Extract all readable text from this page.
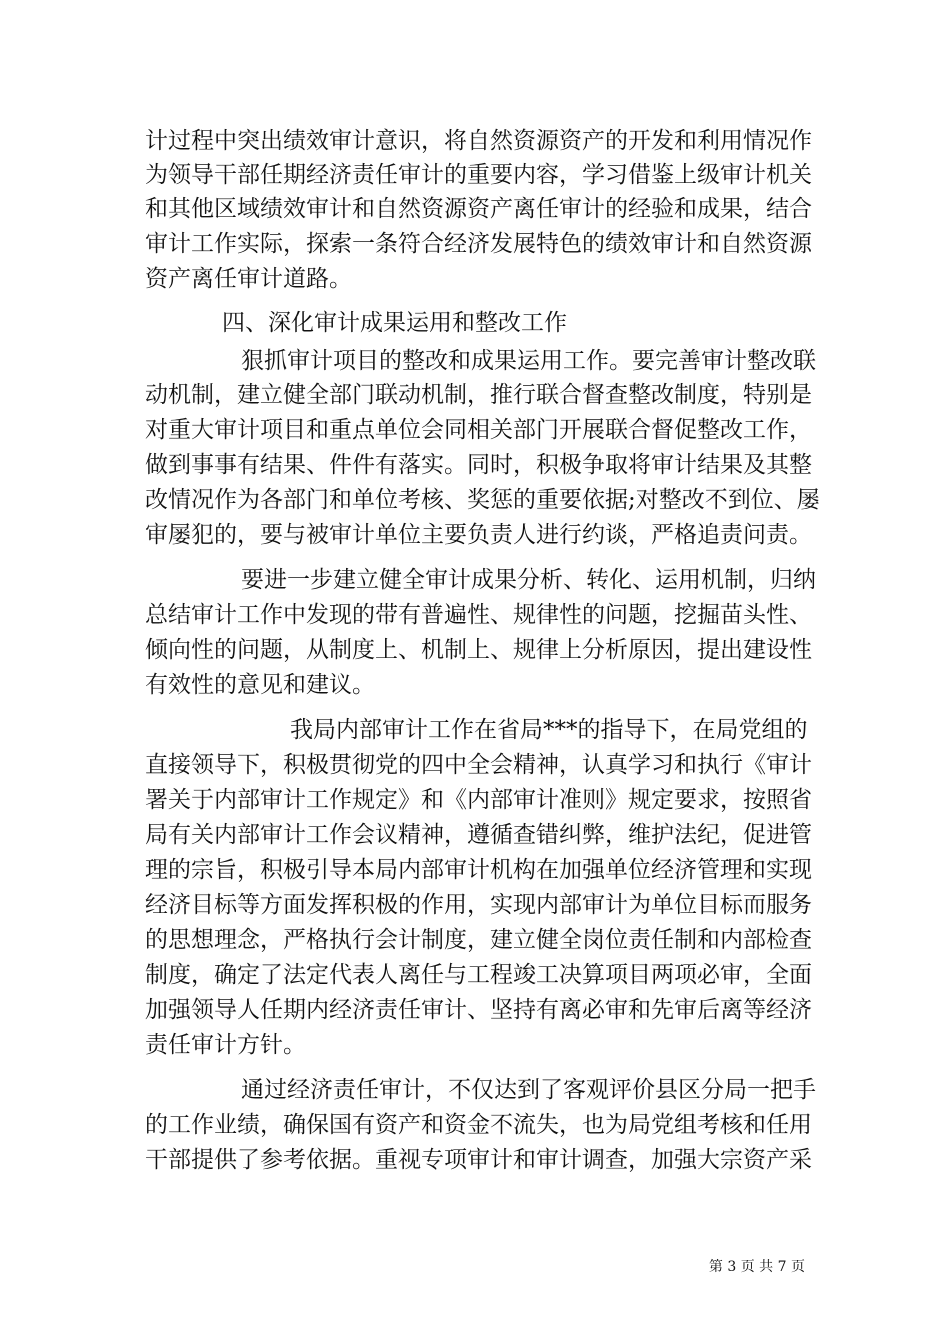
计过程中突出绩效审计意识，将自然资源资产的开发和利用情况作
为领导干部任期经济责任审计的重要内容，学习借鉴上级审计机关
和其他区域绩效审计和自然资源资产离任审计的经验和成果，结合
审计工作实际，探索一条符合经济发展特色的绩效审计和自然资源
资产离任审计道路。
四、深化审计成果运用和整改工作
狠抓审计项目的整改和成果运用工作。要完善审计整改联
动机制，建立健全部门联动机制，推行联合督查整改制度，特别是
对重大审计项目和重点单位会同相关部门开展联合督促整改工作，
做到事事有结果、件件有落实。同时，积极争取将审计结果及其整
改情况作为各部门和单位考核、奖惩的重要依据;对整改不到位、屡
审屡犯的，要与被审计单位主要负责人进行约谈，严格追责问责。
要进一步建立健全审计成果分析、转化、运用机制，归纳
总结审计工作中发现的带有普遍性、规律性的问题，挖掘苗头性、
倾向性的问题，从制度上、机制上、规律上分析原因，提出建设性
有效性的意见和建议。
我局内部审计工作在省局***的指导下，在局党组的
直接领导下，积极贯彻党的四中全会精神，认真学习和执行《审计
署关于内部审计工作规定》和《内部审计准则》规定要求，按照省
局有关内部审计工作会议精神，遵循查错纠弊，维护法纪，促进管
理的宗旨，积极引导本局内部审计机构在加强单位经济管理和实现
经济目标等方面发挥积极的作用，实现内部审计为单位目标而服务
的思想理念，严格执行会计制度，建立健全岗位责任制和内部检查
制度，确定了法定代表人离任与工程竣工决算项目两项必审，全面
加强领导人任期内经济责任审计、坚持有离必审和先审后离等经济
责任审计方针。
通过经济责任审计，不仅达到了客观评价县区分局一把手
的工作业绩，确保国有资产和资金不流失，也为局党组考核和任用
干部提供了参考依据。重视专项审计和审计调查，加强大宗资产采
第 3 页 共 7 页
